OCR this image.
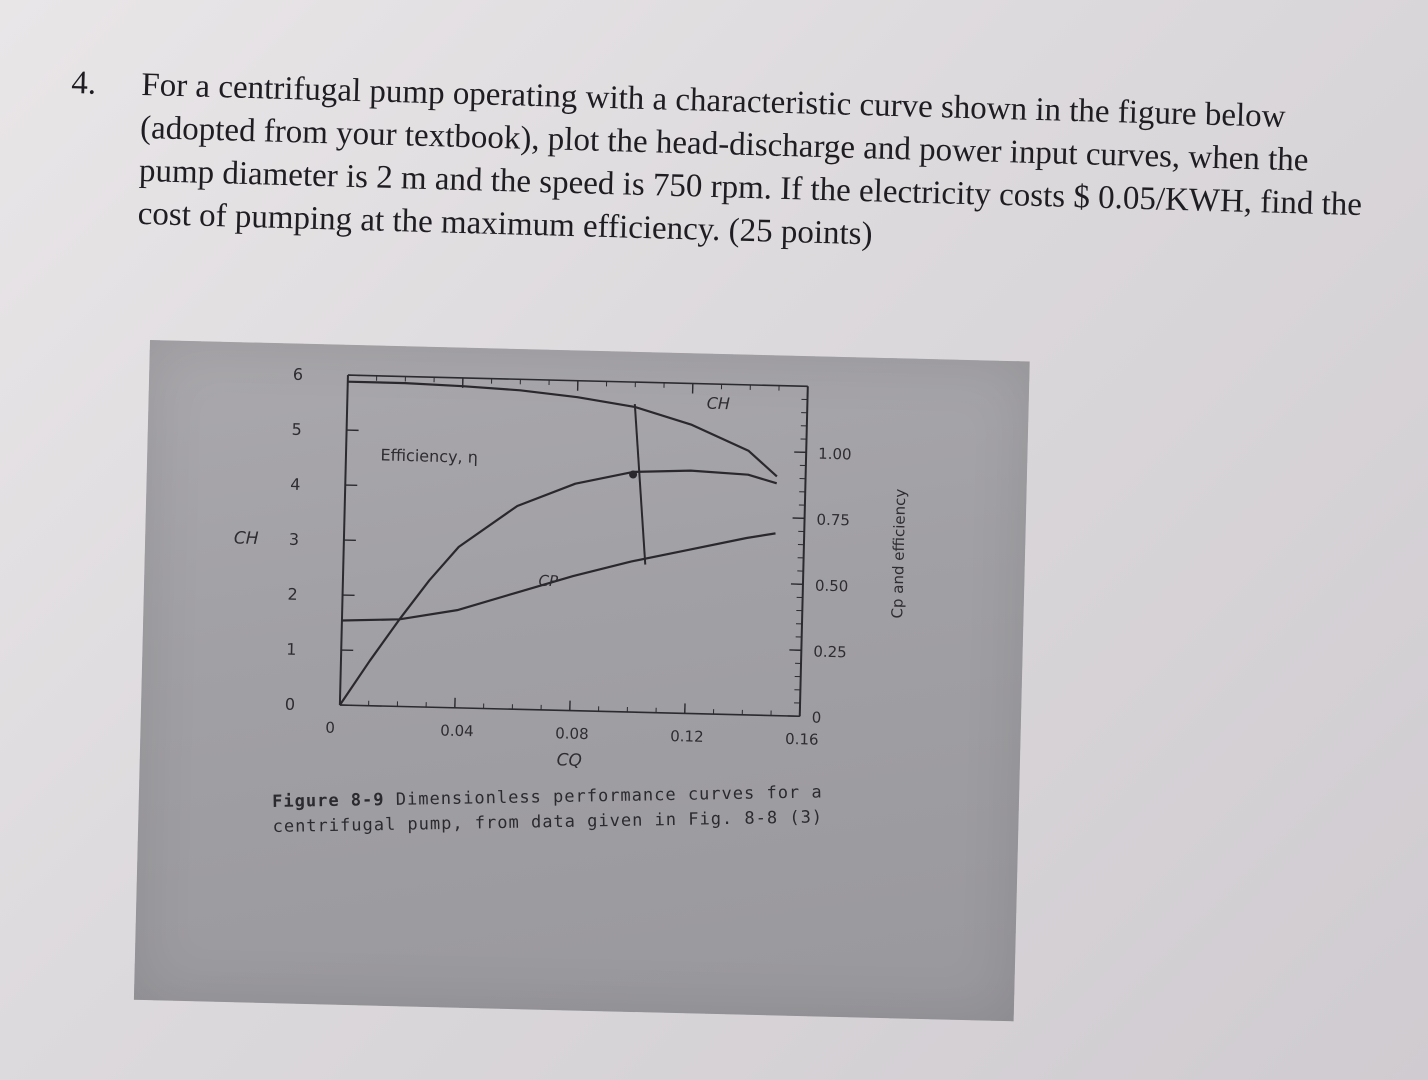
4. For a centrifugal pump operating with a characteristic curve shown in the figure below (adopted from your textbook), plot the head-discharge and power input curves, when the pump diameter is 2 m and the speed is 750 rpm. If the electricity costs $ 0.05/KWH, find the cost of pumping at the maximum efficiency. (25 points)
0	0.04	0.08	0.12	0.16
CQ
0
1
2
3
4
5
6
CH
0
0.25
0.50
0.75
1.00
Cp and efficiency
CH
Efficiency, η
CP
Figure 8-9 Dimensionless performance curves for a centrifugal pump, from data given in Fig. 8-8 (3)
